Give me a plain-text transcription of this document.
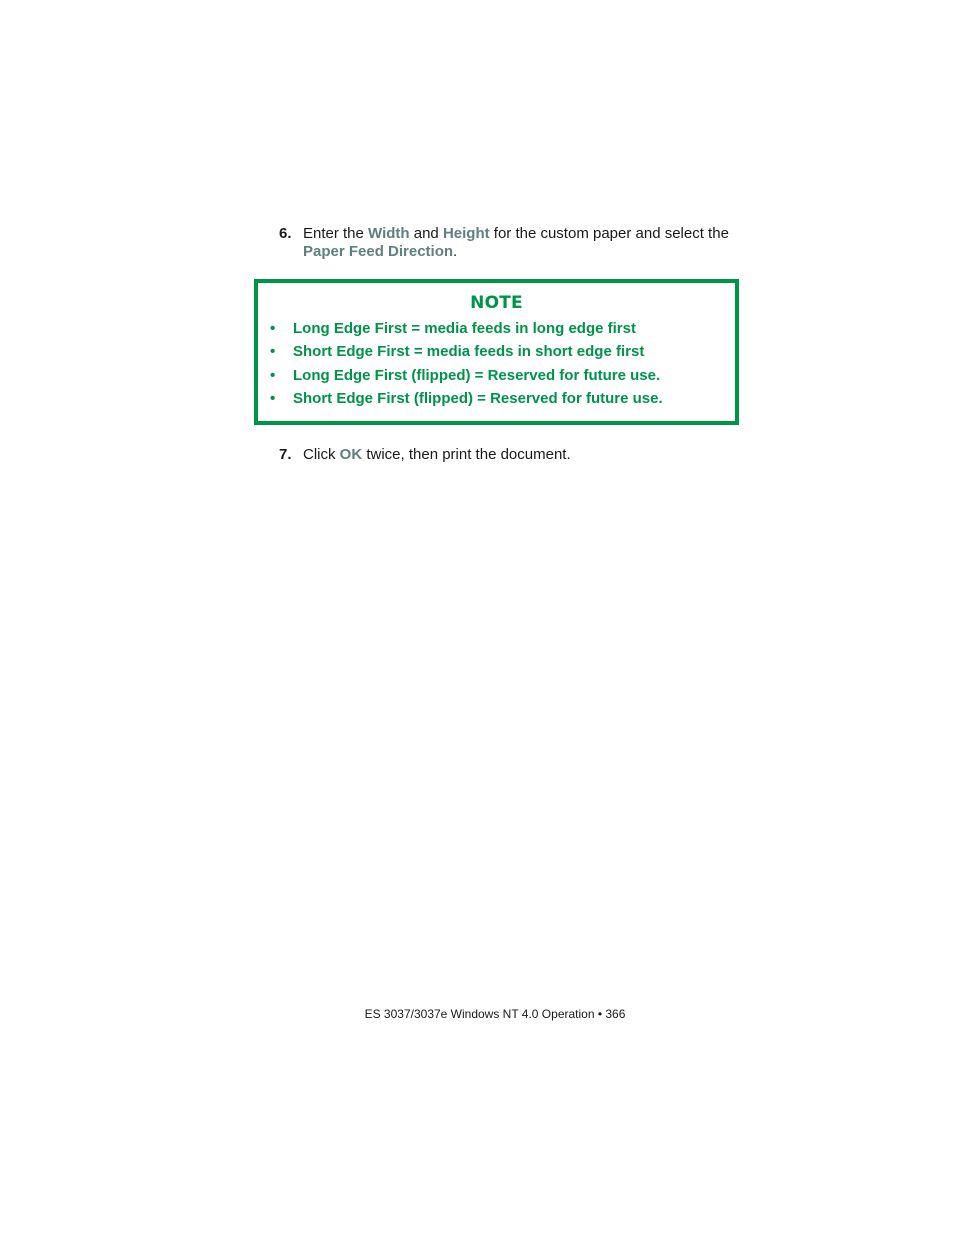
6. Enter the Width and Height for the custom paper and select the Paper Feed Direction.
NOTE
• Long Edge First = media feeds in long edge first
• Short Edge First = media feeds in short edge first
• Long Edge First (flipped) = Reserved for future use.
• Short Edge First (flipped) = Reserved for future use.
7. Click OK twice, then print the document.
ES 3037/3037e Windows NT 4.0 Operation • 366
